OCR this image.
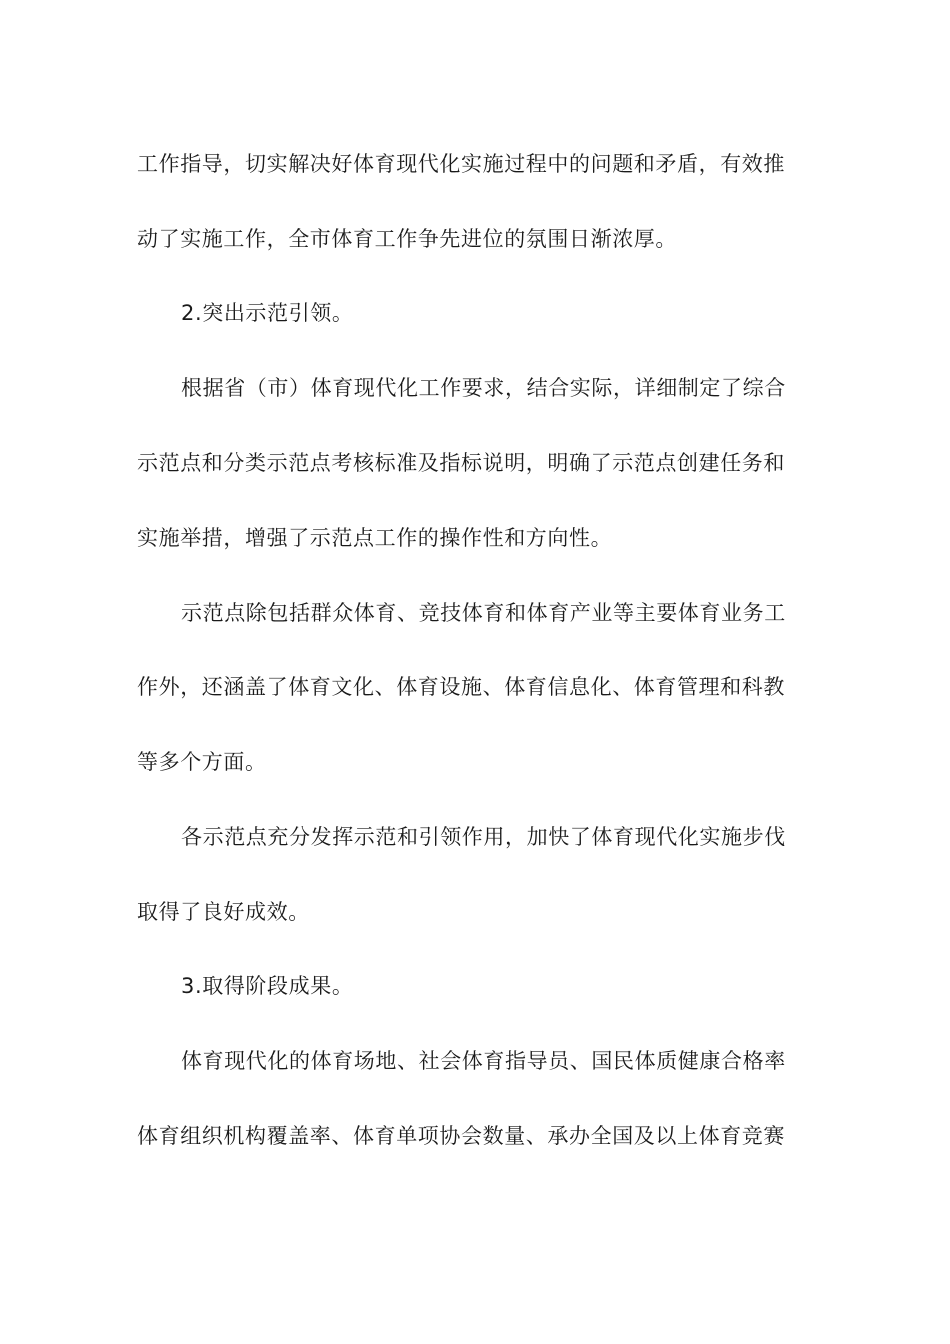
工作指导，切实解决好体育现代化实施过程中的问题和矛盾，有效推
动了实施工作，全市体育工作争先进位的氛围日渐浓厚。
2.突出示范引领。
根据省（市）体育现代化工作要求，结合实际，详细制定了综合
示范点和分类示范点考核标准及指标说明，明确了示范点创建任务和
实施举措，增强了示范点工作的操作性和方向性。
示范点除包括群众体育、竞技体育和体育产业等主要体育业务工
作外，还涵盖了体育文化、体育设施、体育信息化、体育管理和科教
等多个方面。
各示范点充分发挥示范和引领作用，加快了体育现代化实施步伐
取得了良好成效。
3.取得阶段成果。
体育现代化的体育场地、社会体育指导员、国民体质健康合格率
体育组织机构覆盖率、体育单项协会数量、承办全国及以上体育竞赛
